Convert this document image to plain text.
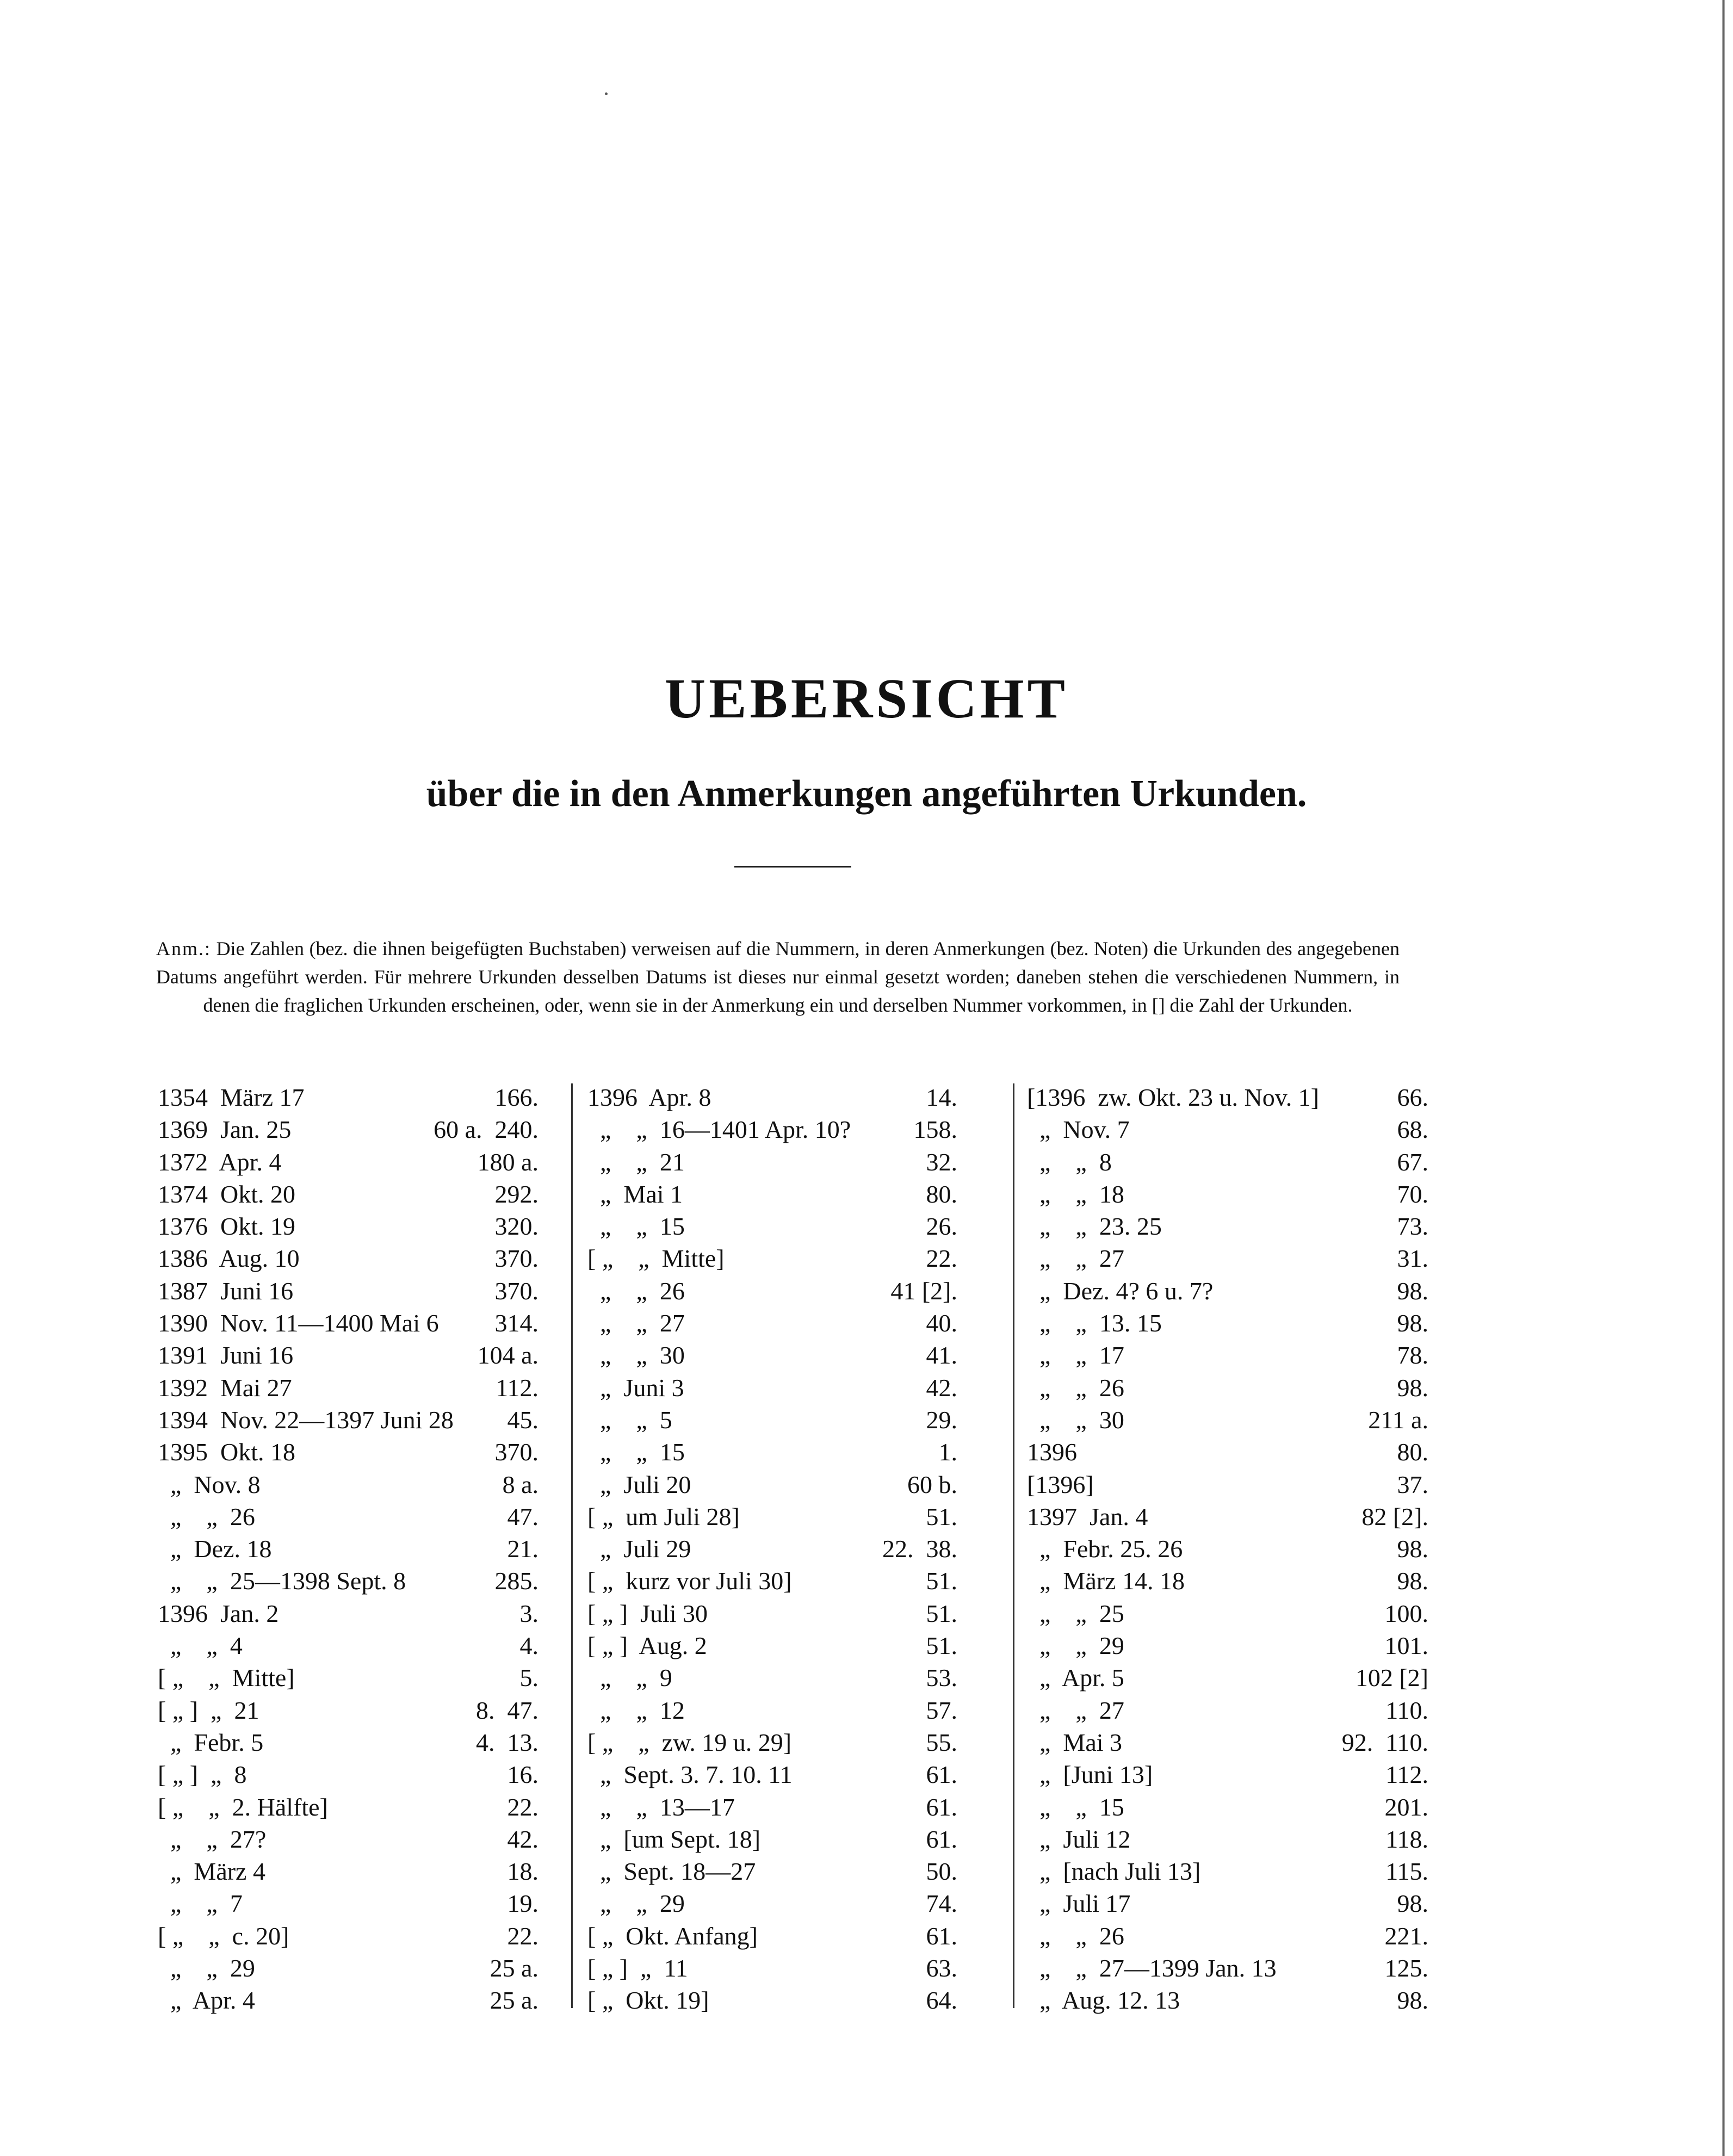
UEBERSICHT
über die in den Anmerkungen angeführten Urkunden.

Anm.: Die Zahlen (bez. die ihnen beigefügten Buchstaben) verweisen auf die Nummern, in deren Anmerkungen (bez. Noten) die Urkunden des angegebenen Datums angeführt werden. Für mehrere Urkunden desselben Datums ist dieses nur einmal gesetzt worden; daneben stehen die verschiedenen Nummern, in denen die fraglichen Urkunden erscheinen, oder, wenn sie in der Anmerkung ein und derselben Nummer vorkommen, in [] die Zahl der Urkunden.

1354  März 17	166.
1369  Jan. 25	60 a.  240.
1372  Apr. 4	180 a.
1374  Okt. 20	292.
1376  Okt. 19	320.
1386  Aug. 10	370.
1387  Juni 16	370.
1390  Nov. 11—1400 Mai 6 314.
1391  Juni 16	104 a.
1392  Mai 27	112.
1394  Nov. 22—1397 Juni 28 45.
1395  Okt. 18	370.
„  Nov. 8	8 a.
„    „  26	47.
„  Dez. 18	21.
„    „  25—1398 Sept. 8	285.
1396  Jan. 2	3.
„    „  4	4.
[ „    „  Mitte]	5.
[ „ ]  „  21	8.  47.
„  Febr. 5	4.  13.
[ „ ]  „  8	16.
[ „    „  2. Hälfte]	22.
„    „  27?	42.
„  März 4	18.
„    „  7	19.
[ „    „  c. 20]	22.
„    „  29	25 a.
„  Apr. 4	25 a.
1396  Apr. 8	14.
„    „  16—1401 Apr. 10?	158.
„    „  21	32.
„  Mai 1	80.
„    „  15	26.
[ „    „  Mitte]	22.
„    „  26	41 [2].
„    „  27	40.
„    „  30	41.
„  Juni 3	42.
„    „  5	29.
„    „  15	1.
„  Juli 20	60 b.
[ „  um Juli 28]	51.
„  Juli 29	22.  38.
[ „  kurz vor Juli 30]	51.
[ „ ]  Juli 30	51.
[ „ ]  Aug. 2	51.
„    „  9	53.
„    „  12	57.
[ „    „  zw. 19 u. 29]	55.
„  Sept. 3. 7. 10. 11	61.
„    „  13—17	61.
„  [um Sept. 18]	61.
„  Sept. 18—27	50.
„    „  29	74.
[ „  Okt. Anfang]	61.
[ „ ]  „  11	63.
[ „  Okt. 19]	64.
[1396  zw. Okt. 23 u. Nov. 1]	66.
„  Nov. 7	68.
„    „  8	67.
„    „  18	70.
„    „  23. 25	73.
„    „  27	31.
„  Dez. 4? 6 u. 7?	98.
„    „  13. 15	98.
„    „  17	78.
„    „  26	98.
„    „  30	211 a.
1396	80.
[1396]	37.
1397  Jan. 4	82 [2].
„  Febr. 25. 26	98.
„  März 14. 18	98.
„    „  25	100.
„    „  29	101.
„  Apr. 5	102 [2]
„    „  27	110.
„  Mai 3	92.  110.
„  [Juni 13]	112.
„    „  15	201.
„  Juli 12	118.
„  [nach Juli 13]	115.
„  Juli 17	98.
„    „  26	221.
„    „  27—1399 Jan. 13	125.
„  Aug. 12. 13	98.
